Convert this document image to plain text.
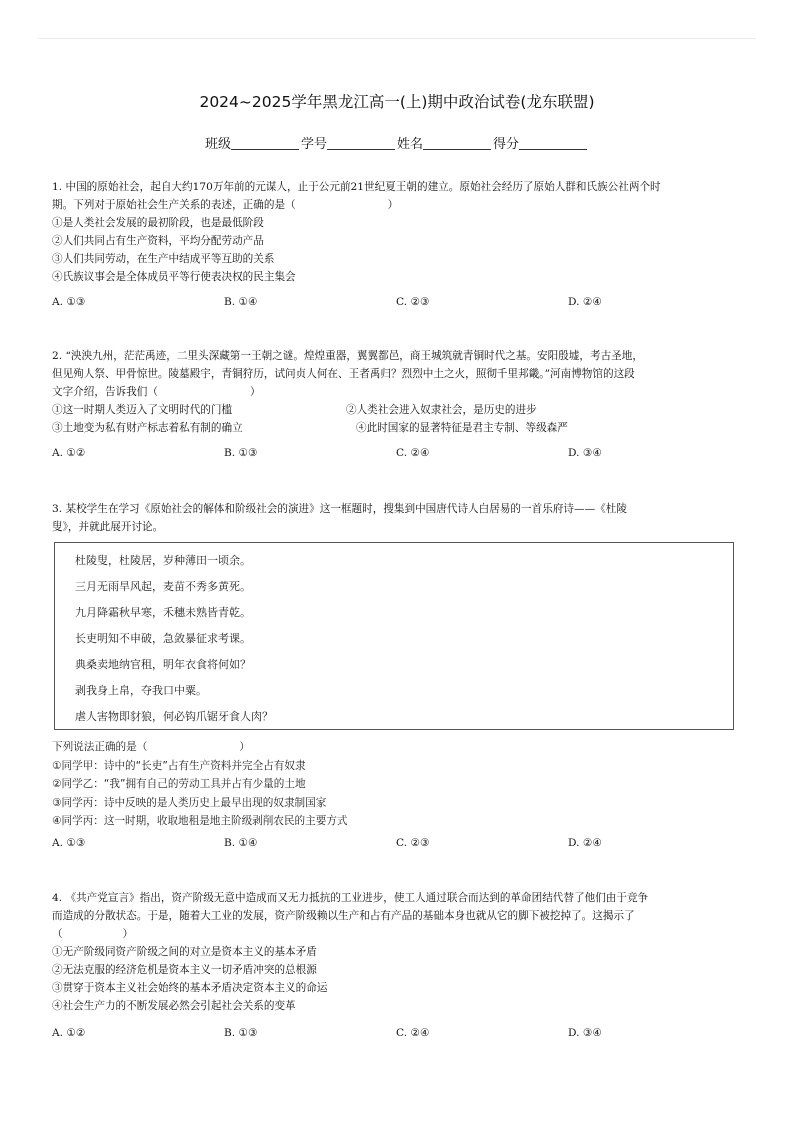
2024~2025学年黑龙江高一(上)期中政治试卷(龙东联盟)
班级	学号	姓名	得分

1. 中国的原始社会，起自大约170万年前的元谋人，止于公元前21世纪夏王朝的建立。原始社会经历了原始人群和氏族公社两个时

期。下列对于原始社会生产关系的表述，正确的是（	）

①是人类社会发展的最初阶段，也是最低阶段

②人们共同占有生产资料，平均分配劳动产品

③人们共同劳动，在生产中结成平等互助的关系

④氏族议事会是全体成员平等行使表决权的民主集会

A. ①③	B. ①④	C. ②③	D. ②④

2. “泱泱九州，茫茫禹迹，二里头深藏第一王朝之谜。煌煌重器，翼翼都邑，商王城筑就青铜时代之基。安阳殷墟，考古圣地，

但见殉人祭、甲骨惊世。陵墓殿宇，青铜狩历，试问贞人何在、王者禹归？烈烈中土之火，照彻千里邦畿。”河南博物馆的这段

文字介绍，告诉我们（	）

①这一时期人类迈入了文明时代的门槛	②人类社会进入奴隶社会，是历史的进步

③土地变为私有财产标志着私有制的确立	④此时国家的显著特征是君主专制、等级森严

A. ①②	B. ①③	C. ②④	D. ③④

3. 某校学生在学习《原始社会的解体和阶级社会的演进》这一框题时，搜集到中国唐代诗人白居易的一首乐府诗——《杜陵

叟》，并就此展开讨论。

杜陵叟，杜陵居，岁种薄田一顷余。
三月无雨旱风起，麦苗不秀多黄死。
九月降霜秋早寒，禾穗未熟皆青乾。
长吏明知不申破，急敛暴征求考课。
典桑卖地纳官租，明年衣食将何如？
剥我身上帛，夺我口中粟。
虐人害物即豺狼，何必钩爪锯牙食人肉？

下列说法正确的是（	）

①同学甲：诗中的“长吏”占有生产资料并完全占有奴隶

②同学乙：“我”拥有自己的劳动工具并占有少量的土地

③同学丙：诗中反映的是人类历史上最早出现的奴隶制国家

④同学丙：这一时期，收取地租是地主阶级剥削农民的主要方式

A. ①③	B. ①④	C. ②③	D. ②④

4. 《共产党宣言》指出，资产阶级无意中造成而又无力抵抗的工业进步，使工人通过联合而达到的革命团结代替了他们由于竞争

而造成的分散状态。于是，随着大工业的发展，资产阶级赖以生产和占有产品的基础本身也就从它的脚下被挖掉了。这揭示了

（	）

①无产阶级同资产阶级之间的对立是资本主义的基本矛盾

②无法克服的经济危机是资本主义一切矛盾冲突的总根源

③贯穿于资本主义社会始终的基本矛盾决定资本主义的命运

④社会生产力的不断发展必然会引起社会关系的变革

A. ①②	B. ①③	C. ②④	D. ③④
